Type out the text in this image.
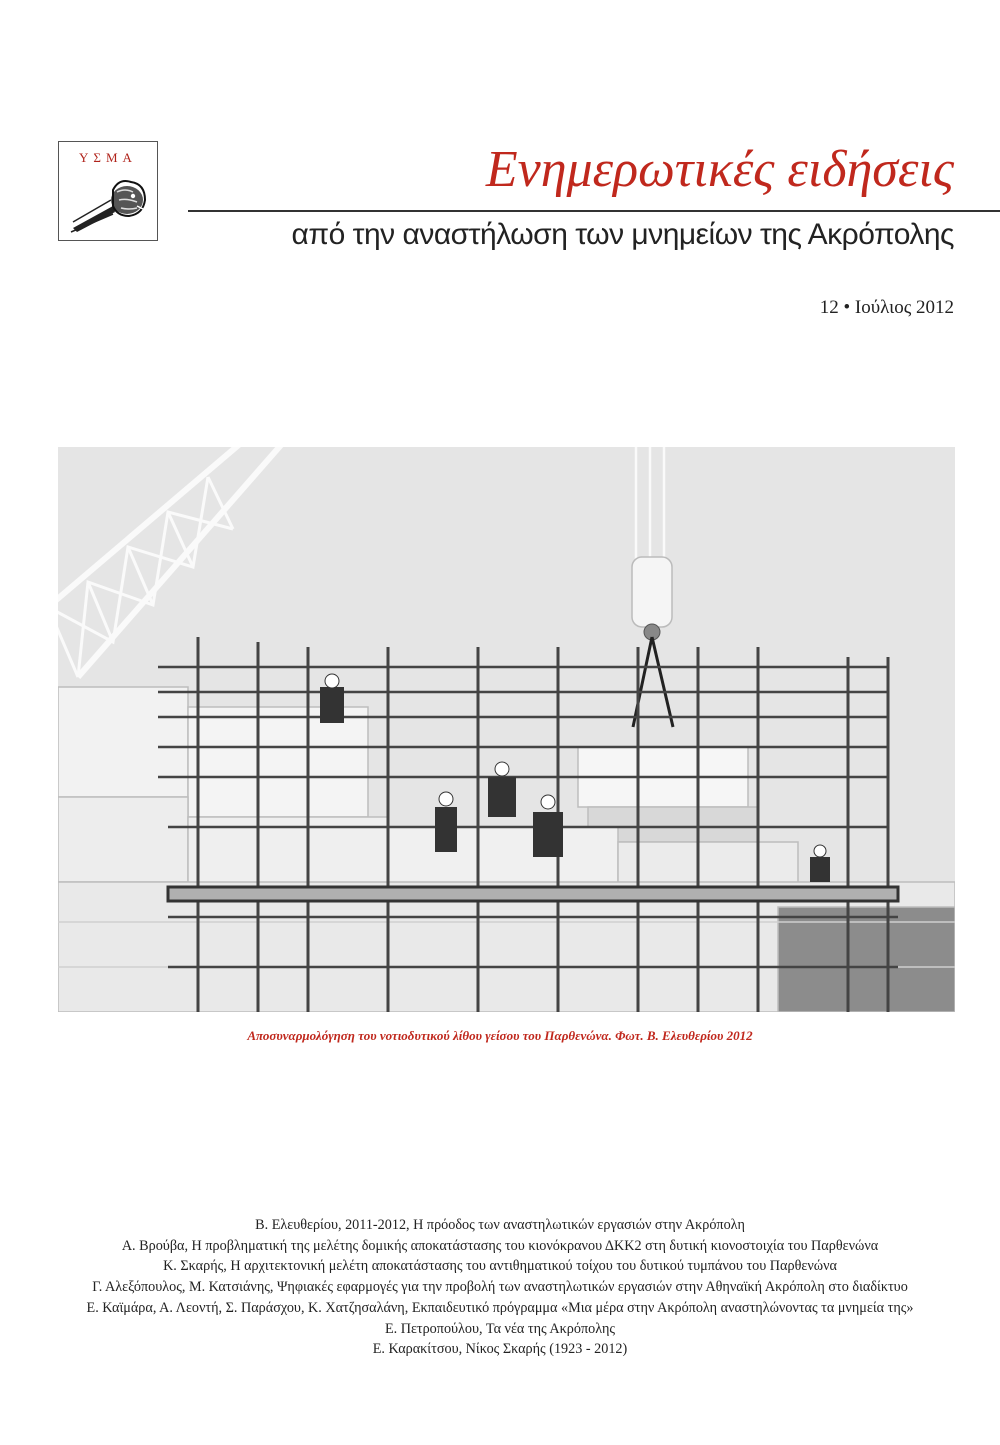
ΥΣΜΑ	Ενημερωτικές ειδήσεις
από την αναστήλωση των μνημείων της Ακρόπολης
12 • Ιούλιος 2012
Αποσυναρμολόγηση του νοτιοδυτικού λίθου γείσου του Παρθενώνα. Φωτ. Β. Ελευθερίου 2012
Β. Ελευθερίου, 2011-2012, Η πρόοδος των αναστηλωτικών εργασιών στην Ακρόπολη
Α. Βρούβα, Η προβληματική της μελέτης δομικής αποκατάστασης του κιονόκρανου ΔΚΚ2 στη δυτική κιονοστοιχία του Παρθενώνα
Κ. Σκαρής, Η αρχιτεκτονική μελέτη αποκατάστασης του αντιθηματικού τοίχου του δυτικού τυμπάνου του Παρθενώνα
Γ. Αλεξόπουλος, Μ. Κατσιάνης, Ψηφιακές εφαρμογές για την προβολή των αναστηλωτικών εργασιών στην Αθηναϊκή Ακρόπολη στο διαδίκτυο
Ε. Καϊμάρα, Α. Λεοντή, Σ. Παράσχου, Κ. Χατζησαλάνη, Εκπαιδευτικό πρόγραμμα «Μια μέρα στην Ακρόπολη αναστηλώνοντας τα μνημεία της»
Ε. Πετροπούλου, Τα νέα της Ακρόπολης
Ε. Καρακίτσου, Νίκος Σκαρής (1923 - 2012)
